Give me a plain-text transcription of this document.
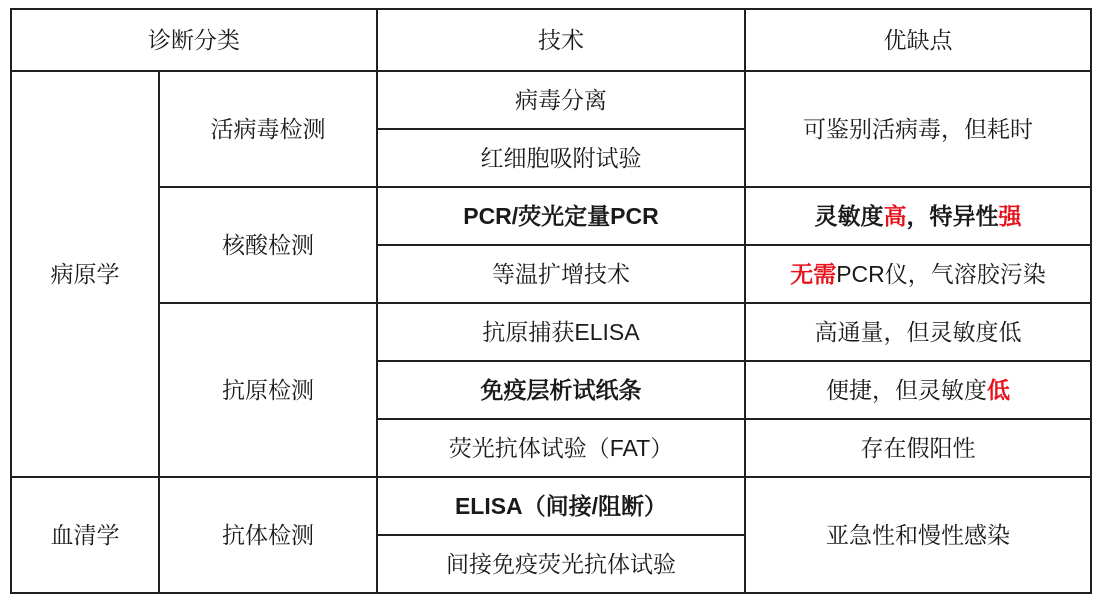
诊断分类		技术	优缺点
病原学	活病毒检测	病毒分离	可鉴别活病毒，但耗时
		红细胞吸附试验	
	核酸检测	PCR/荧光定量PCR	灵敏度高，特异性强
		等温扩增技术	无需PCR仪，气溶胶污染
	抗原检测	抗原捕获ELISA	高通量，但灵敏度低
		免疫层析试纸条	便捷，但灵敏度低
		荧光抗体试验（FAT）	存在假阳性
血清学	抗体检测	ELISA（间接/阻断）	亚急性和慢性感染
		间接免疫荧光抗体试验	
